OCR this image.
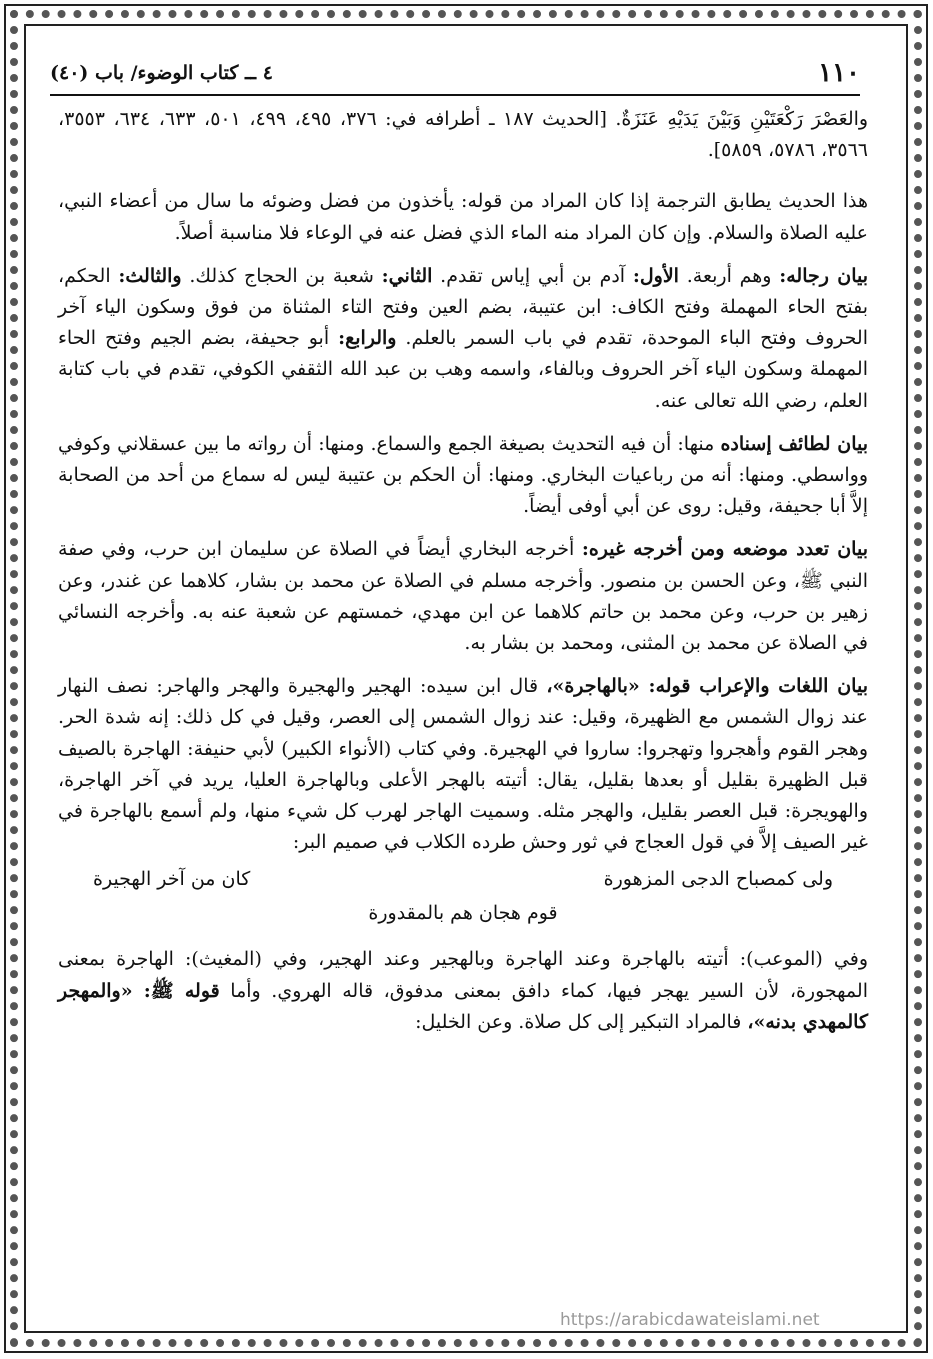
١١٠
٤ ــ كتاب الوضوء/ باب (٤٠)

والعَصْرَ رَكْعَتَيْنِ وَبَيْنَ يَدَيْهِ عَنَزَةٌ. [الحديث ١٨٧ ـ أطرافه في: ٣٧٦، ٤٩٥، ٤٩٩، ٥٠١، ٦٣٣، ٦٣٤، ٣٥٥٣، ٣٥٦٦، ٥٧٨٦، ٥٨٥٩].

هذا الحديث يطابق الترجمة إذا كان المراد من قوله: يأخذون من فضل وضوئه ما سال من أعضاء النبي، عليه الصلاة والسلام. وإن كان المراد منه الماء الذي فضل عنه في الوعاء فلا مناسبة أصلاً.

بيان رجاله: وهم أربعة. الأول: آدم بن أبي إياس تقدم. الثاني: شعبة بن الحجاج كذلك. والثالث: الحكم، بفتح الحاء المهملة وفتح الكاف: ابن عتيبة، بضم العين وفتح التاء المثناة من فوق وسكون الياء آخر الحروف وفتح الباء الموحدة، تقدم في باب السمر بالعلم. والرابع: أبو جحيفة، بضم الجيم وفتح الحاء المهملة وسكون الياء آخر الحروف وبالفاء، واسمه وهب بن عبد الله الثقفي الكوفي، تقدم في باب كتابة العلم، رضي الله تعالى عنه.

بيان لطائف إسناده منها: أن فيه التحديث بصيغة الجمع والسماع. ومنها: أن رواته ما بين عسقلاني وكوفي وواسطي. ومنها: أنه من رباعيات البخاري. ومنها: أن الحكم بن عتيبة ليس له سماع من أحد من الصحابة إلاَّ أبا جحيفة، وقيل: روى عن أبي أوفى أيضاً.

بيان تعدد موضعه ومن أخرجه غيره: أخرجه البخاري أيضاً في الصلاة عن سليمان ابن حرب، وفي صفة النبي ﷺ، وعن الحسن بن منصور. وأخرجه مسلم في الصلاة عن محمد بن بشار، كلاهما عن غندر، وعن زهير بن حرب، وعن محمد بن حاتم كلاهما عن ابن مهدي، خمستهم عن شعبة عنه به. وأخرجه النسائي في الصلاة عن محمد بن المثنى، ومحمد بن بشار به.

بيان اللغات والإعراب قوله: «بالهاجرة»، قال ابن سيده: الهجير والهجيرة والهجر والهاجر: نصف النهار عند زوال الشمس مع الظهيرة، وقيل: عند زوال الشمس إلى العصر، وقيل في كل ذلك: إنه شدة الحر. وهجر القوم وأهجروا وتهجروا: ساروا في الهجيرة. وفي كتاب (الأنواء الكبير) لأبي حنيفة: الهاجرة بالصيف قبل الظهيرة بقليل أو بعدها بقليل، يقال: أتيته بالهجر الأعلى وبالهاجرة العليا، يريد في آخر الهاجرة، والهويجرة: قبل العصر بقليل، والهجر مثله. وسميت الهاجر لهرب كل شيء منها، ولم أسمع بالهاجرة في غير الصيف إلاَّ في قول العجاج في ثور وحش طرده الكلاب في صميم البر:

ولى كمصباح الدجى المزهورة
كان من آخر الهجيرة
قوم هجان هم بالمقدورة

وفي (الموعب): أتيته بالهاجرة وعند الهاجرة وبالهجير وعند الهجير، وفي (المغيث): الهاجرة بمعنى المهجورة، لأن السير يهجر فيها، كماء دافق بمعنى مدفوق، قاله الهروي. وأما قوله ﷺ: «والمهجر كالمهدي بدنه»، فالمراد التبكير إلى كل صلاة. وعن الخليل:

https://arabicdawateislami.net
